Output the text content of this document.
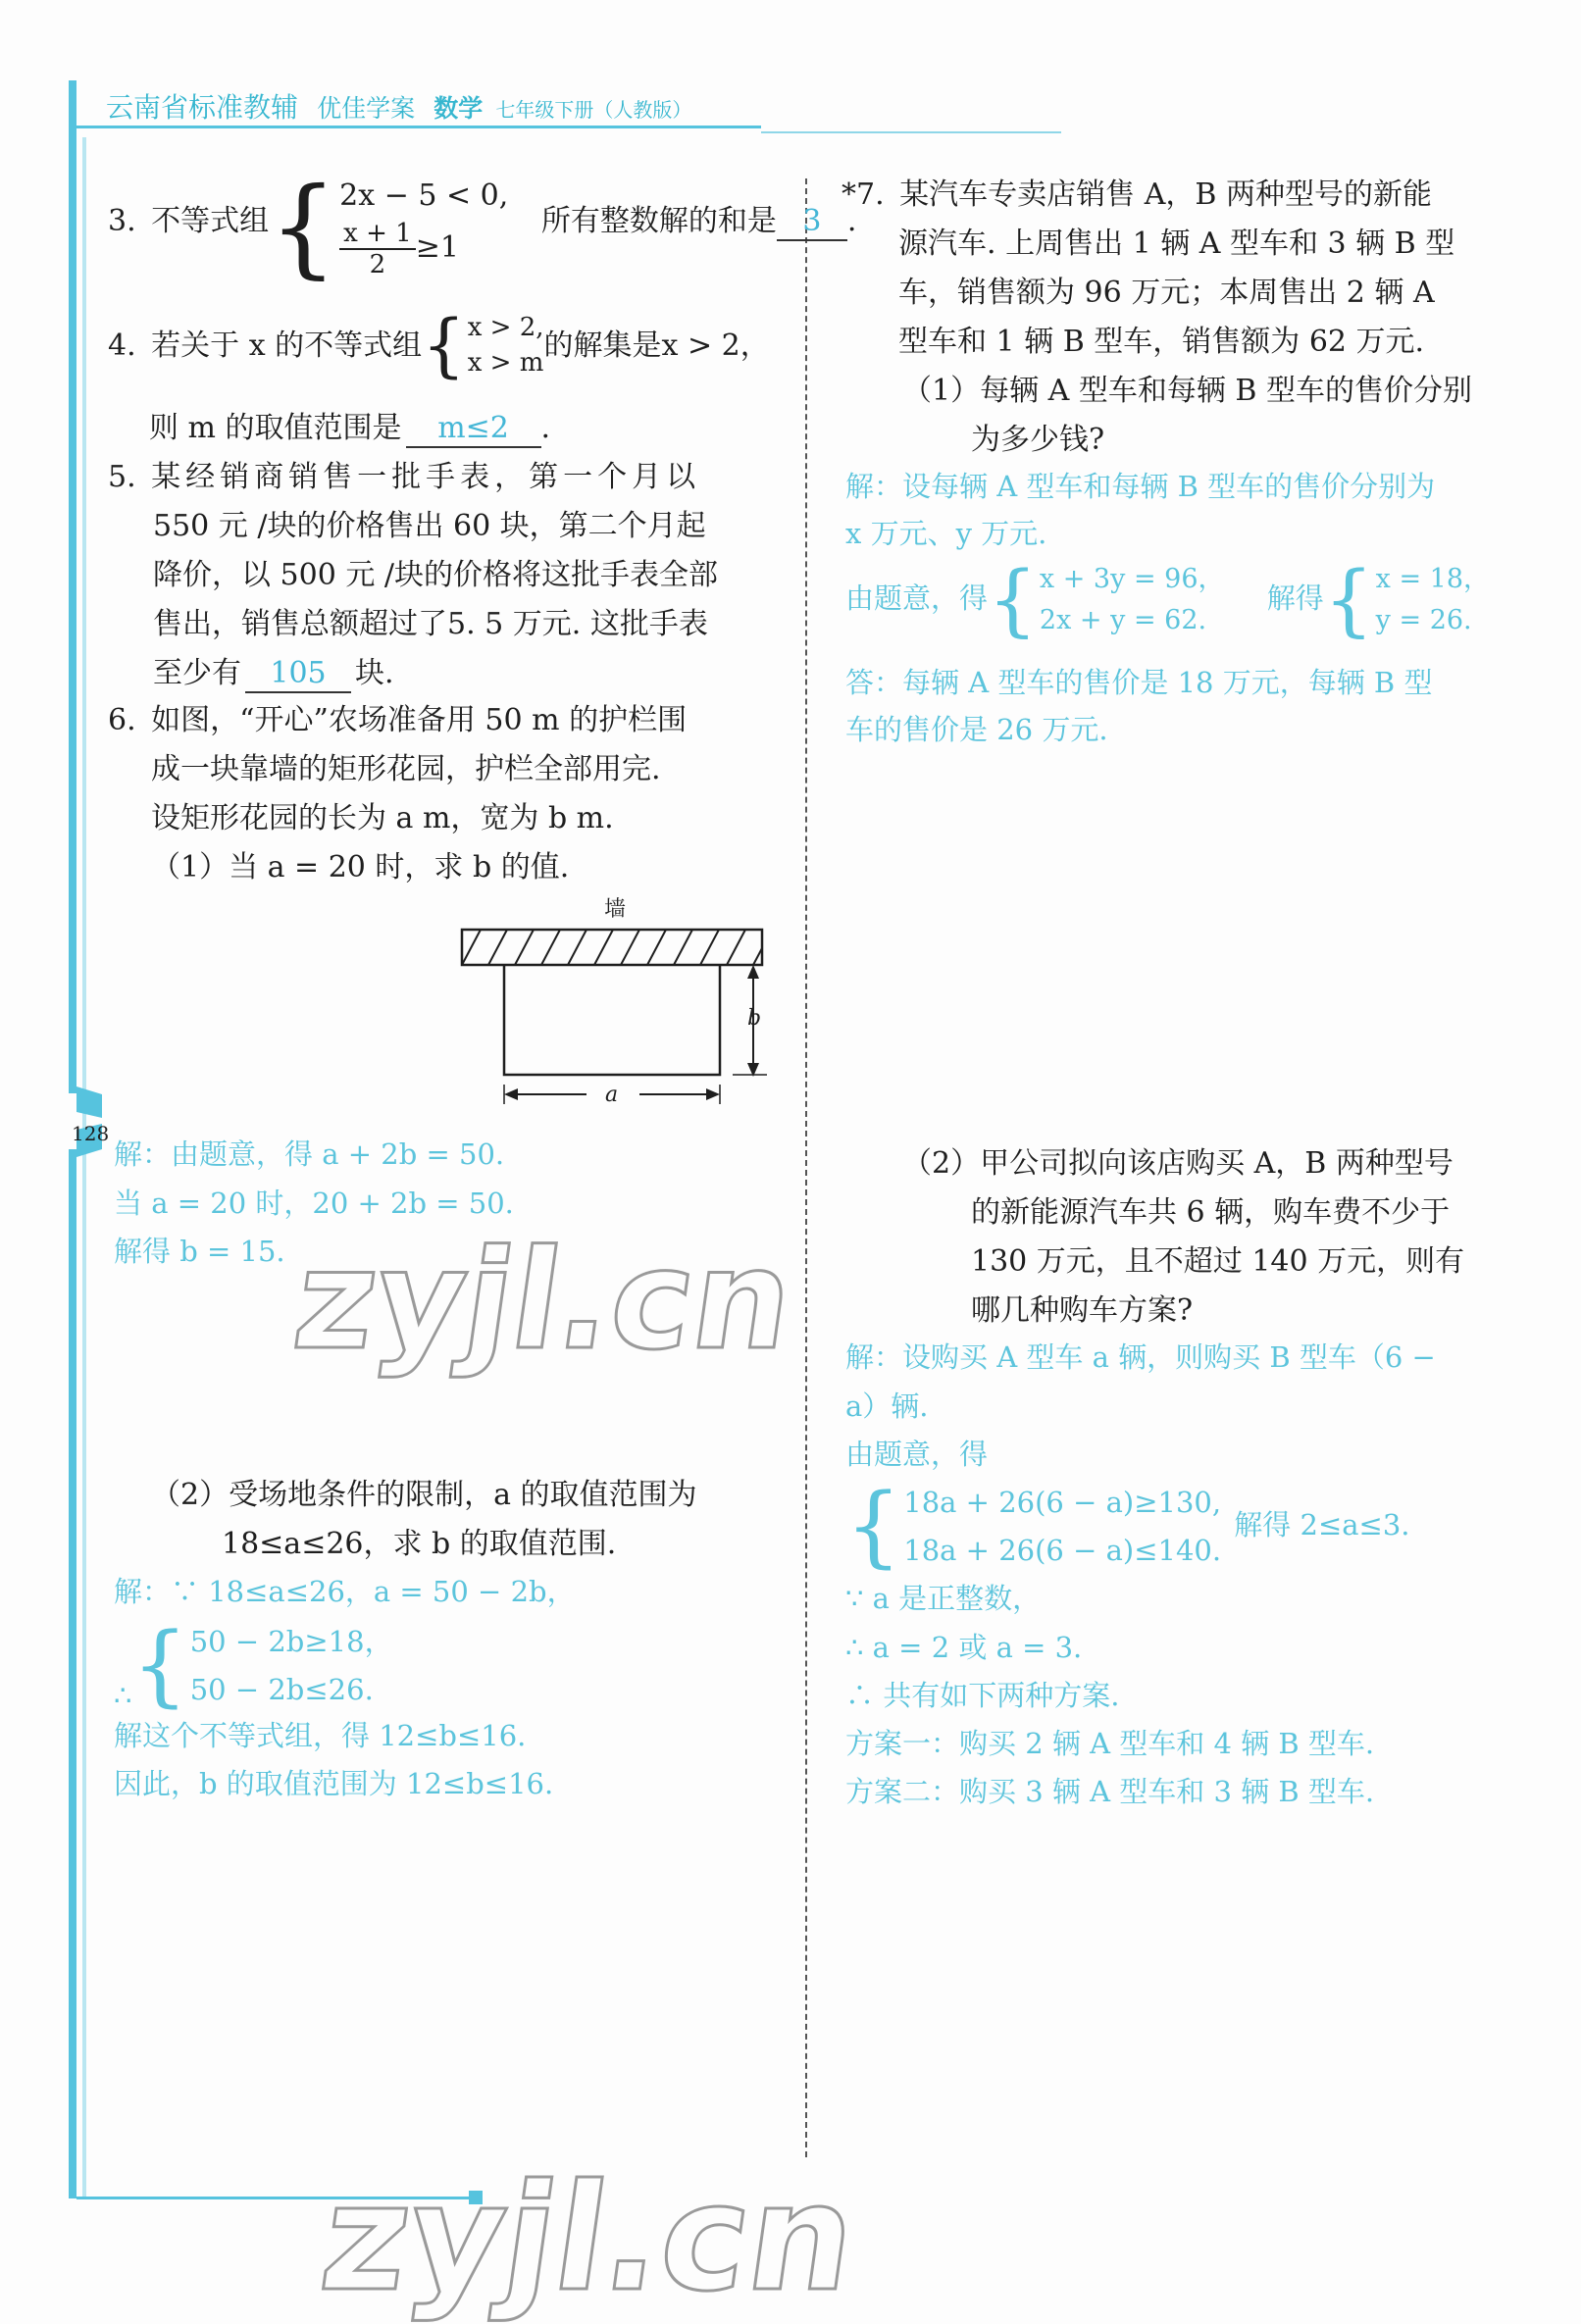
云南省标准教辅 优佳学案 数学 七年级下册（人教版）
128
3. 不等式组 { 2x − 5 < 0,
$\frac{x + 1}{2} \ge 1$
所有整数解的和是 3 .
4. 若关于 x 的不等式组 { x > 2,
x > m 的解集是x > 2，
则 m 的取值范围是 m≤2 .
5. 某经销商销售一批手表，第一个月以
550 元 /块的价格售出 60 块，第二个月起
降价，以 500 元 /块的价格将这批手表全部
售出，销售总额超过了5. 5 万元. 这批手表
至少有 105 块.
6. 如图，“开心”农场准备用 50 m 的护栏围
成一块靠墙的矩形花园，护栏全部用完.
设矩形花园的长为 a m，宽为 b m.
（1）当 a = 20 时，求 b 的值.
墙
b
a
解：由题意，得 a + 2b = 50.
当 a = 20 时，20 + 2b = 50.
解得 b = 15. zyjl.cn
（2）受场地条件的限制，a 的取值范围为
18≤a≤26，求 b 的取值范围.
解：∵ 18≤a≤26，a = 50 − 2b，
∴ { 50 − 2b≥18，
50 − 2b≤26.
解这个不等式组，得 12≤b≤16.
因此，b 的取值范围为 12≤b≤16.
*7. 某汽车专卖店销售 A，B 两种型号的新能
源汽车. 上周售出 1 辆 A 型车和 3 辆 B 型
车，销售额为 96 万元；本周售出 2 辆 A
型车和 1 辆 B 型车，销售额为 62 万元.
（1）每辆 A 型车和每辆 B 型车的售价分别
为多少钱?
解：设每辆 A 型车和每辆 B 型车的售价分别为
x 万元、y 万元.
由题意，得 { x + 3y = 96，
2x + y = 62.
解得 { x = 18，
y = 26.
答：每辆 A 型车的售价是 18 万元，每辆 B 型
车的售价是 26 万元.
（2）甲公司拟向该店购买 A，B 两种型号
的新能源汽车共 6 辆，购车费不少于
130 万元，且不超过 140 万元，则有
哪几种购车方案?
解：设购买 A 型车 a 辆，则购买 B 型车（6 −
a）辆.
由题意，得
{ 18a + 26(6 − a)≥130,
18a + 26(6 − a)≤140.
解得 2≤a≤3.
∵ a 是正整数，
∴ a = 2 或 a = 3.
∴ 共有如下两种方案.
方案一：购买 2 辆 A 型车和 4 辆 B 型车.
方案二：购买 3 辆 A 型车和 3 辆 B 型车.
zyjl.cn
